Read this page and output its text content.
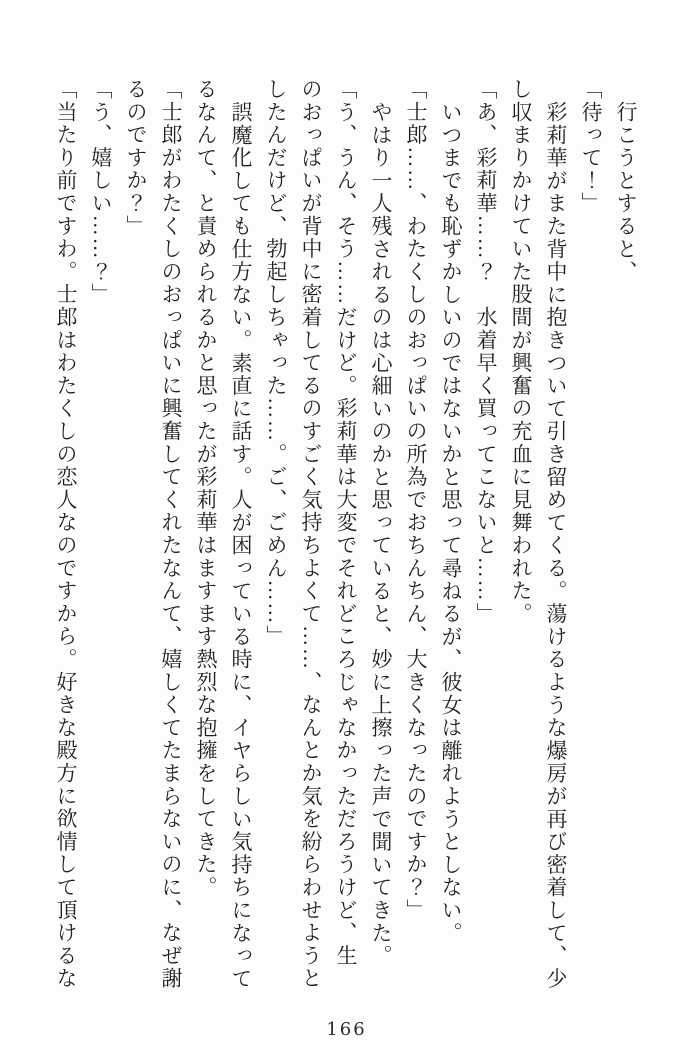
行こうとすると、
「待って！」
彩莉華がまた背中に抱きついて引き留めてくる。蕩けるような爆房が再び密着して、少
し収まりかけていた股間が興奮の充血に見舞われた。
「あ、彩莉華……？　水着早く買ってこないと……」
いつまでも恥ずかしいのではないかと思って尋ねるが、彼女は離れようとしない。
「士郎……、わたくしのおっぱいの所為でおちんちん、大きくなったのですか？」
やはり一人残されるのは心細いのかと思っていると、妙に上擦った声で聞いてきた。
「う、うん、そう……だけど。彩莉華は大変でそれどころじゃなかっただろうけど、生
のおっぱいが背中に密着してるのすごく気持ちよくて……、なんとか気を紛らわせようと
したんだけど、勃起しちゃった……。ご、ごめん……」
誤魔化しても仕方ない。素直に話す。人が困っている時に、イヤらしい気持ちになって
るなんて、と責められるかと思ったが彩莉華はますます熱烈な抱擁をしてきた。
「士郎がわたくしのおっぱいに興奮してくれたなんて、嬉しくてたまらないのに、なぜ謝
るのですか？」
「う、嬉しい……？」
「当たり前ですわ。士郎はわたくしの恋人なのですから。好きな殿方に欲情して頂けるな
166
